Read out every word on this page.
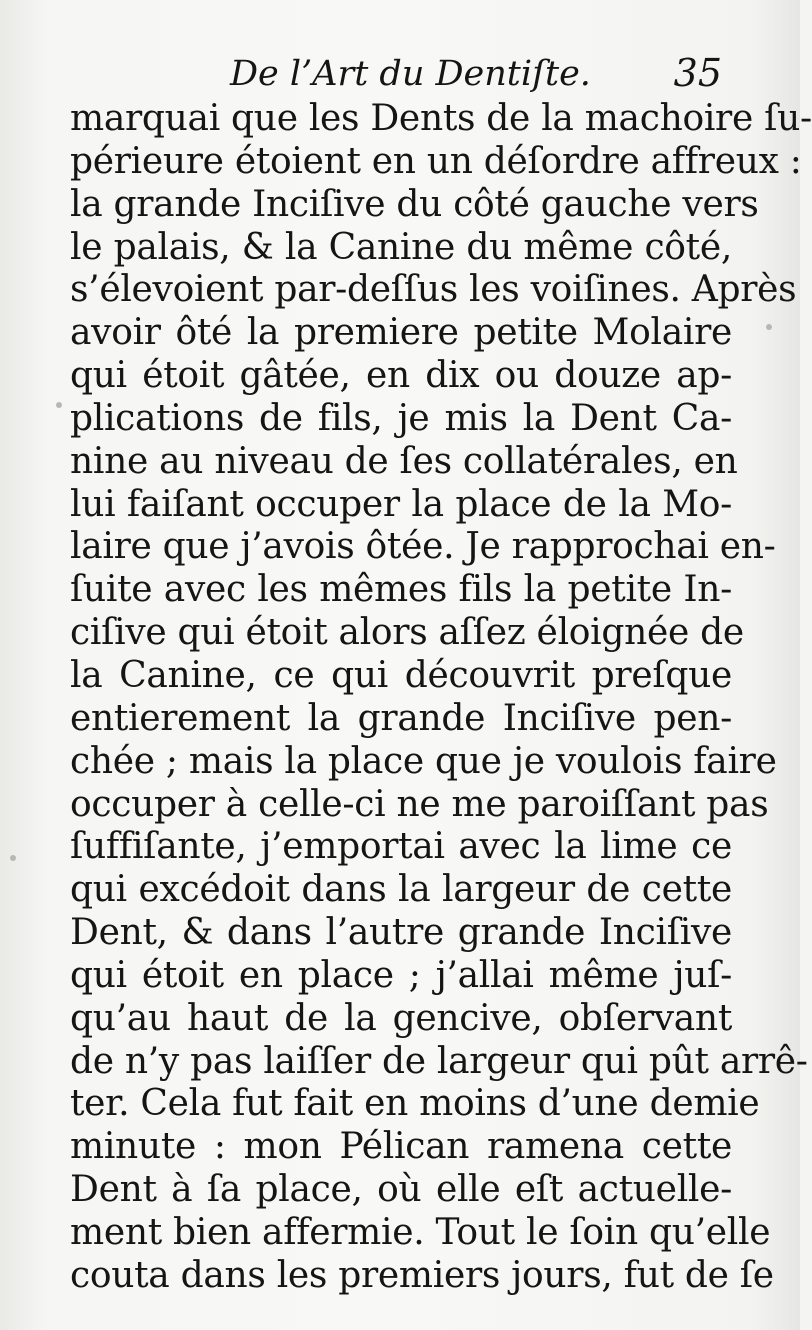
De l’Art du Dentiſte.	35
marquai que les Dents de la machoire ſu-
périeure étoient en un déſordre affreux :
la grande Inciſive du côté gauche vers
le palais, & la Canine du même côté,
s’élevoient par-deſſus les voiſines. Après
avoir ôté la premiere petite Molaire
qui étoit gâtée, en dix ou douze ap-
plications de fils, je mis la Dent Ca-
nine au niveau de ſes collatérales, en
lui faiſant occuper la place de la Mo-
laire que j’avois ôtée. Je rapprochai en-
ſuite avec les mêmes fils la petite In-
ciſive qui étoit alors aſſez éloignée de
la Canine, ce qui découvrit preſque
entierement la grande Inciſive pen-
chée ; mais la place que je voulois faire
occuper à celle-ci ne me paroiſſant pas
ſuffiſante, j’emportai avec la lime ce
qui excédoit dans la largeur de cette
Dent, & dans l’autre grande Inciſive
qui étoit en place ; j’allai même juſ-
qu’au haut de la gencive, obſervant
de n’y pas laiſſer de largeur qui pût arrê-
ter. Cela fut fait en moins d’une demie
minute : mon Pélican ramena cette
Dent à ſa place, où elle eſt actuelle-
ment bien affermie. Tout le ſoin qu’elle
couta dans les premiers jours, fut de ſe
